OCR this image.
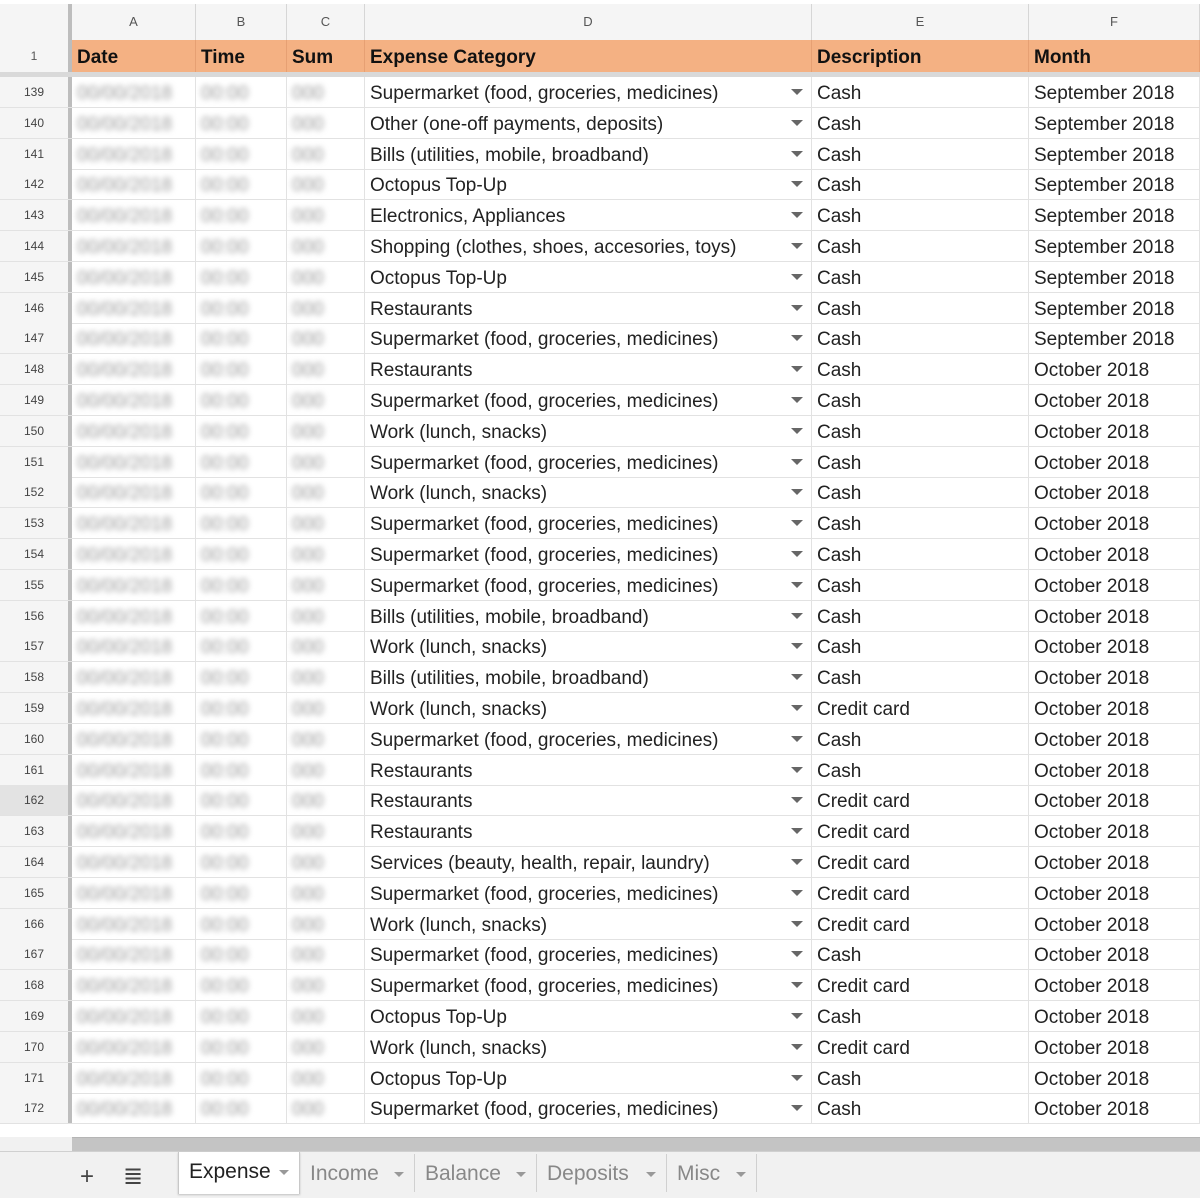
A	B	C	D	E	F
1	Date	Time	Sum	Expense Category	Description	Month
139	00/00/2018	00:00	000	Supermarket (food, groceries, medicines)	Cash	September 2018
140	00/00/2018	00:00	000	Other (one-off payments, deposits)	Cash	September 2018
141	00/00/2018	00:00	000	Bills (utilities, mobile, broadband)	Cash	September 2018
142	00/00/2018	00:00	000	Octopus Top-Up	Cash	September 2018
143	00/00/2018	00:00	000	Electronics, Appliances	Cash	September 2018
144	00/00/2018	00:00	000	Shopping (clothes, shoes, accesories, toys)	Cash	September 2018
145	00/00/2018	00:00	000	Octopus Top-Up	Cash	September 2018
146	00/00/2018	00:00	000	Restaurants	Cash	September 2018
147	00/00/2018	00:00	000	Supermarket (food, groceries, medicines)	Cash	September 2018
148	00/00/2018	00:00	000	Restaurants	Cash	October 2018
149	00/00/2018	00:00	000	Supermarket (food, groceries, medicines)	Cash	October 2018
150	00/00/2018	00:00	000	Work (lunch, snacks)	Cash	October 2018
151	00/00/2018	00:00	000	Supermarket (food, groceries, medicines)	Cash	October 2018
152	00/00/2018	00:00	000	Work (lunch, snacks)	Cash	October 2018
153	00/00/2018	00:00	000	Supermarket (food, groceries, medicines)	Cash	October 2018
154	00/00/2018	00:00	000	Supermarket (food, groceries, medicines)	Cash	October 2018
155	00/00/2018	00:00	000	Supermarket (food, groceries, medicines)	Cash	October 2018
156	00/00/2018	00:00	000	Bills (utilities, mobile, broadband)	Cash	October 2018
157	00/00/2018	00:00	000	Work (lunch, snacks)	Cash	October 2018
158	00/00/2018	00:00	000	Bills (utilities, mobile, broadband)	Cash	October 2018
159	00/00/2018	00:00	000	Work (lunch, snacks)	Credit card	October 2018
160	00/00/2018	00:00	000	Supermarket (food, groceries, medicines)	Cash	October 2018
161	00/00/2018	00:00	000	Restaurants	Cash	October 2018
162	00/00/2018	00:00	000	Restaurants	Credit card	October 2018
163	00/00/2018	00:00	000	Restaurants	Credit card	October 2018
164	00/00/2018	00:00	000	Services (beauty, health, repair, laundry)	Credit card	October 2018
165	00/00/2018	00:00	000	Supermarket (food, groceries, medicines)	Credit card	October 2018
166	00/00/2018	00:00	000	Work (lunch, snacks)	Credit card	October 2018
167	00/00/2018	00:00	000	Supermarket (food, groceries, medicines)	Cash	October 2018
168	00/00/2018	00:00	000	Supermarket (food, groceries, medicines)	Credit card	October 2018
169	00/00/2018	00:00	000	Octopus Top-Up	Cash	October 2018
170	00/00/2018	00:00	000	Work (lunch, snacks)	Credit card	October 2018
171	00/00/2018	00:00	000	Octopus Top-Up	Cash	October 2018
172	00/00/2018	00:00	000	Supermarket (food, groceries, medicines)	Cash	October 2018
+	≣	Expense	Income	Balance	Deposits	Misc
